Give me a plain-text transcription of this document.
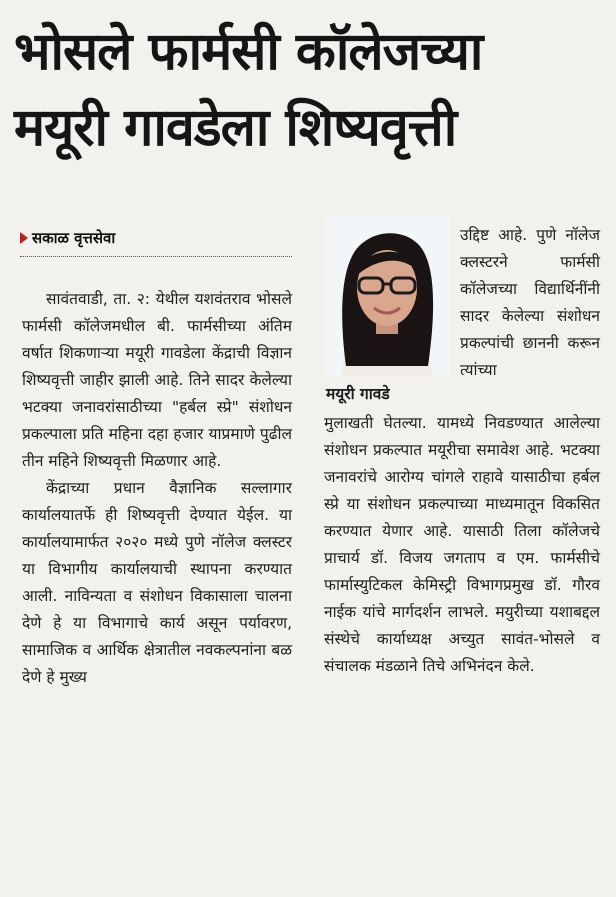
भोसले फार्मसी कॉलेजच्या
मयूरी गावडेला शिष्यवृत्ती
सकाळ वृत्तसेवा

सावंतवाडी, ता. २: येथील यशवंतराव भोसले फार्मसी कॉलेजमधील बी. फार्मसीच्या अंतिम वर्षात शिकणाऱ्या मयूरी गावडेला केंद्राची विज्ञान शिष्यवृत्ती जाहीर झाली आहे. तिने सादर केलेल्या भटक्या जनावरांसाठीच्या "हर्बल स्प्रे" संशोधन प्रकल्पाला प्रति महिना दहा हजार याप्रमाणे पुढील तीन महिने शिष्यवृत्ती मिळणार आहे.

केंद्राच्या प्रधान वैज्ञानिक सल्लागार कार्यालयातर्फे ही शिष्यवृत्ती देण्यात येईल. या कार्यालयामार्फत २०२० मध्ये पुणे नॉलेज क्लस्टर या विभागीय कार्यालयाची स्थापना करण्यात आली. नाविन्यता व संशोधन विकासाला चालना देणे हे या विभागाचे कार्य असून पर्यावरण, सामाजिक व आर्थिक क्षेत्रातील नवकल्पनांना बळ देणे हे मुख्य

मयूरी गावडे

उद्दिष्ट आहे. पुणे नॉलेज क्लस्टरने फार्मसी कॉलेजच्या विद्यार्थिनींनी सादर केलेल्या संशोधन प्रकल्पांची छाननी करून त्यांच्या

मुलाखती घेतल्या. यामध्ये निवडण्यात आलेल्या संशोधन प्रकल्पात मयूरीचा समावेश आहे. भटक्या जनावरांचे आरोग्य चांगले राहावे यासाठीचा हर्बल स्प्रे या संशोधन प्रकल्पाच्या माध्यमातून विकसित करण्यात येणार आहे. यासाठी तिला कॉलेजचे प्राचार्य डॉ. विजय जगताप व एम. फार्मसीचे फार्मास्युटिकल केमिस्ट्री विभागप्रमुख डॉ. गौरव नाईक यांचे मार्गदर्शन लाभले. मयुरीच्या यशाबद्दल संस्थेचे कार्याध्यक्ष अच्युत सावंत-भोसले व संचालक मंडळाने तिचे अभिनंदन केले.
